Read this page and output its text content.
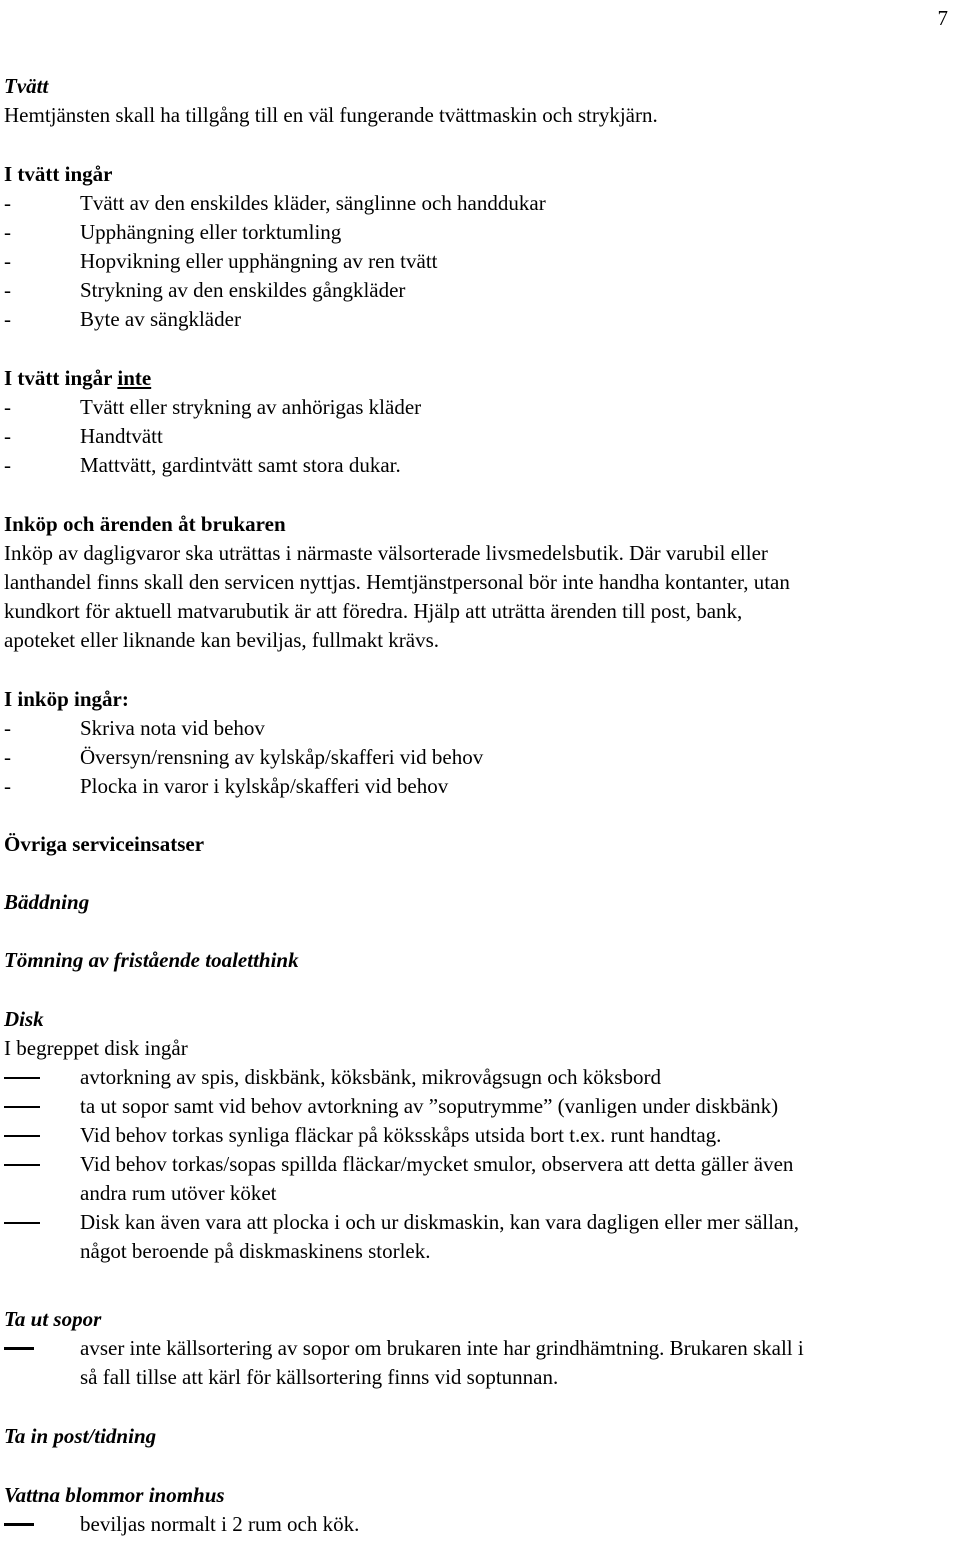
7
Tvätt
Hemtjänsten skall ha tillgång till en väl fungerande tvättmaskin och strykjärn.
I tvätt ingår
-	Tvätt av den enskildes kläder, sänglinne och handdukar
-	Upphängning eller torktumling
-	Hopvikning eller upphängning av ren tvätt
-	Strykning av den enskildes gångkläder
-	Byte av sängkläder
I tvätt ingår inte
-	Tvätt eller strykning av anhörigas kläder
-	Handtvätt
-	Mattvätt, gardintvätt samt stora dukar.
Inköp och ärenden åt brukaren

Inköp av dagligvaror ska uträttas i närmaste välsorterade livsmedelsbutik. Där varubil eller

lanthandel finns skall den servicen nyttjas. Hemtjänstpersonal bör inte handha kontanter, utan

kundkort för aktuell matvarubutik är att föredra. Hjälp att uträtta ärenden till post, bank,

apoteket eller liknande kan beviljas, fullmakt krävs.

I inköp ingår:
-	Skriva nota vid behov
-	Översyn/rensning av kylskåp/skafferi vid behov
-	Plocka in varor i kylskåp/skafferi vid behov
Övriga serviceinsatser
Bäddning
Tömning av fristående toaletthink
Disk
I begreppet disk ingår
avtorkning av spis, diskbänk, köksbänk, mikrovågsugn och köksbord
ta ut sopor samt vid behov avtorkning av ”soputrymme” (vanligen under diskbänk)
Vid behov torkas synliga fläckar på köksskåps utsida bort t.ex. runt handtag.
Vid behov torkas/sopas spillda fläckar/mycket smulor, observera att detta gäller även
andra rum utöver köket
Disk kan även vara att plocka i och ur diskmaskin, kan vara dagligen eller mer sällan,
något beroende på diskmaskinens storlek.
Ta ut sopor
avser inte källsortering av sopor om brukaren inte har grindhämtning. Brukaren skall i
så fall tillse att kärl för källsortering finns vid soptunnan.
Ta in post/tidning
Vattna blommor inomhus
beviljas normalt i 2 rum och kök.
